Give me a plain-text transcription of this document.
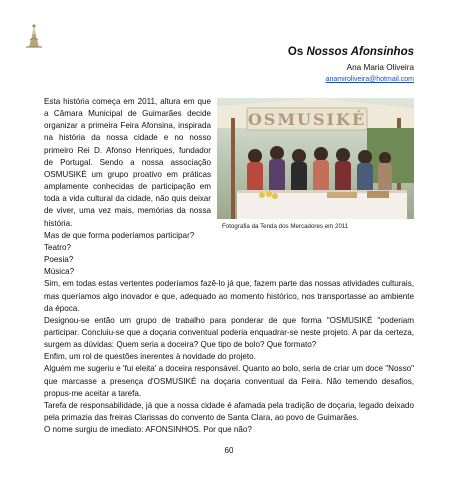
Os Nossos Afonsinhos
Ana Maria Oliveira
anamiroliveira@hotmail.com
OSMUSIKÉ
Fotografia da Tenda dos Mercadores em 2011

Esta história começa em 2011, altura em que a Câmara Municipal de Guimarães decide organizar a primeira Feira Afonsina, inspirada na história da nossa cidade e no nosso primeiro Rei D. Afonso Henriques, fundador de Portugal. Sendo a nossa associação OSMUSIKÉ um grupo proativo em práticas amplamente conhecidas de participação em toda a vida cultural da cidade, não quis deixar de viver, uma vez mais, memórias da nossa história.

Mas de que forma poderíamos participar?

Teatro?

Poesia?

Música?

Sim, em todas estas vertentes poderíamos fazê-lo já que, fazem parte das nossas atividades culturais, mas queríamos algo inovador e que, adequado ao momento histórico, nos transportasse ao ambiente da época.

Designou-se então um grupo de trabalho para ponderar de que forma "OSMUSIKÉ "poderiam participar. Concluiu-se que a doçaria conventual poderia enquadrar-se neste projeto. A par da certeza, surgem as dúvidas: Quem seria a doceira? Que tipo de bolo? Que formato?

Enfim, um rol de questões inerentes à novidade do projeto.

Alguém me sugeriu e 'fui eleita' a doceira responsável. Quanto ao bolo, seria de criar um doce "Nosso" que marcasse a presença d'OSMUSIKÉ na doçaria conventual da Feira. Não temendo desafios, propus-me aceitar a tarefa.

Tarefa de responsabilidade, já que a nossa cidade é afamada pela tradição de doçaria, legado deixado pela primazia das freiras Clarissas do convento de Santa Clara, ao povo de Guimarães.

O nome surgiu de imediato: AFONSINHOS. Por que não?

60
